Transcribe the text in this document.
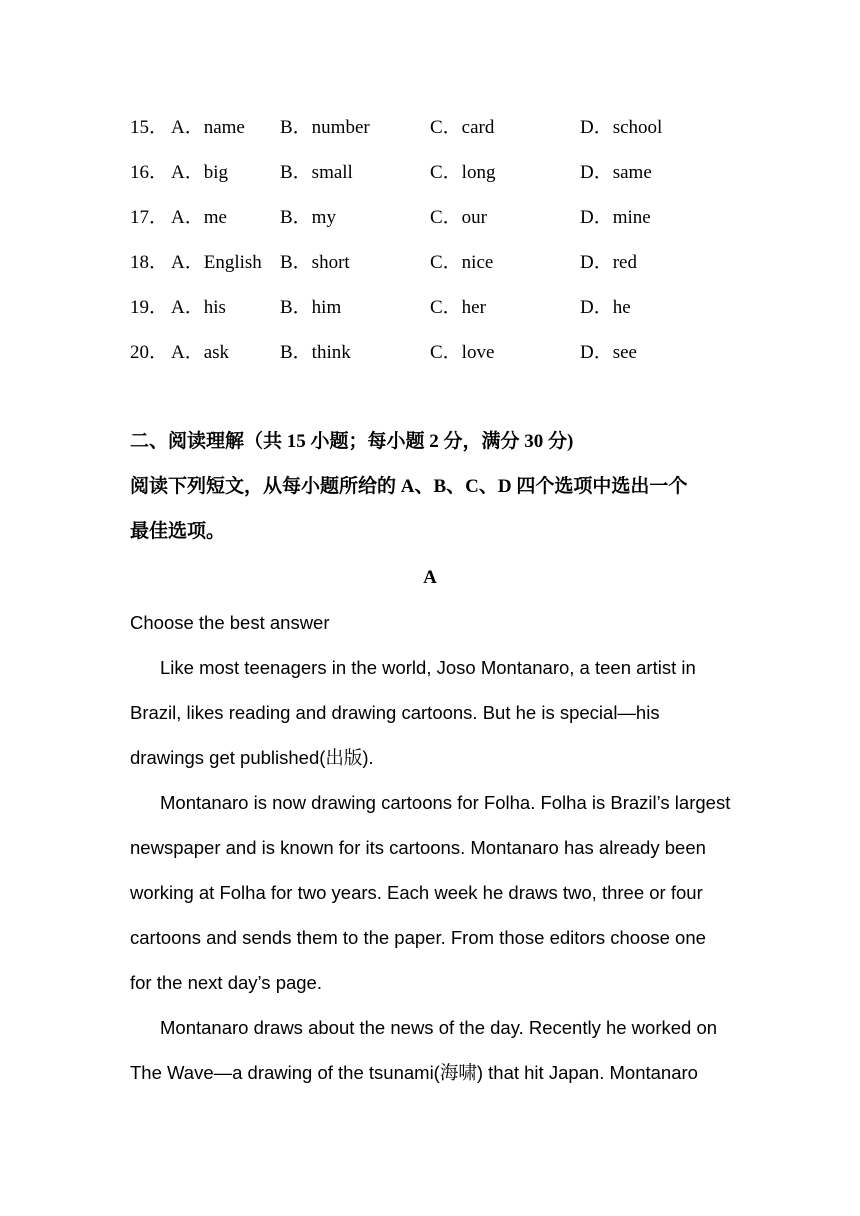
15． A．name B．number	C．card	D．school
16． A．big	B．small	C．long	D．same
17． A．me	B．my	C．our	D．mine
18． A．English B．short	C．nice	D．red
19． A．his	B．him	C．her	D．he
20． A．ask	B．think	C．love	D．see
二、阅读理解（共 15 小题；每小题 2 分，满分 30 分)
阅读下列短文，从每小题所给的 A、B、C、D 四个选项中选出一个
最佳选项。
A
Choose the best answer
Like most teenagers in the world, Joso Montanaro, a teen artist in
Brazil, likes reading and drawing cartoons. But he is special—his
drawings get published(出版).
Montanaro is now drawing cartoons for Folha. Folha is Brazil’s largest
newspaper and is known for its cartoons. Montanaro has already been
working at Folha for two years. Each week he draws two, three or four
cartoons and sends them to the paper. From those editors choose one
for the next day’s page.
Montanaro draws about the news of the day. Recently he worked on
The Wave—a drawing of the tsunami(海啸) that hit Japan. Montanaro
